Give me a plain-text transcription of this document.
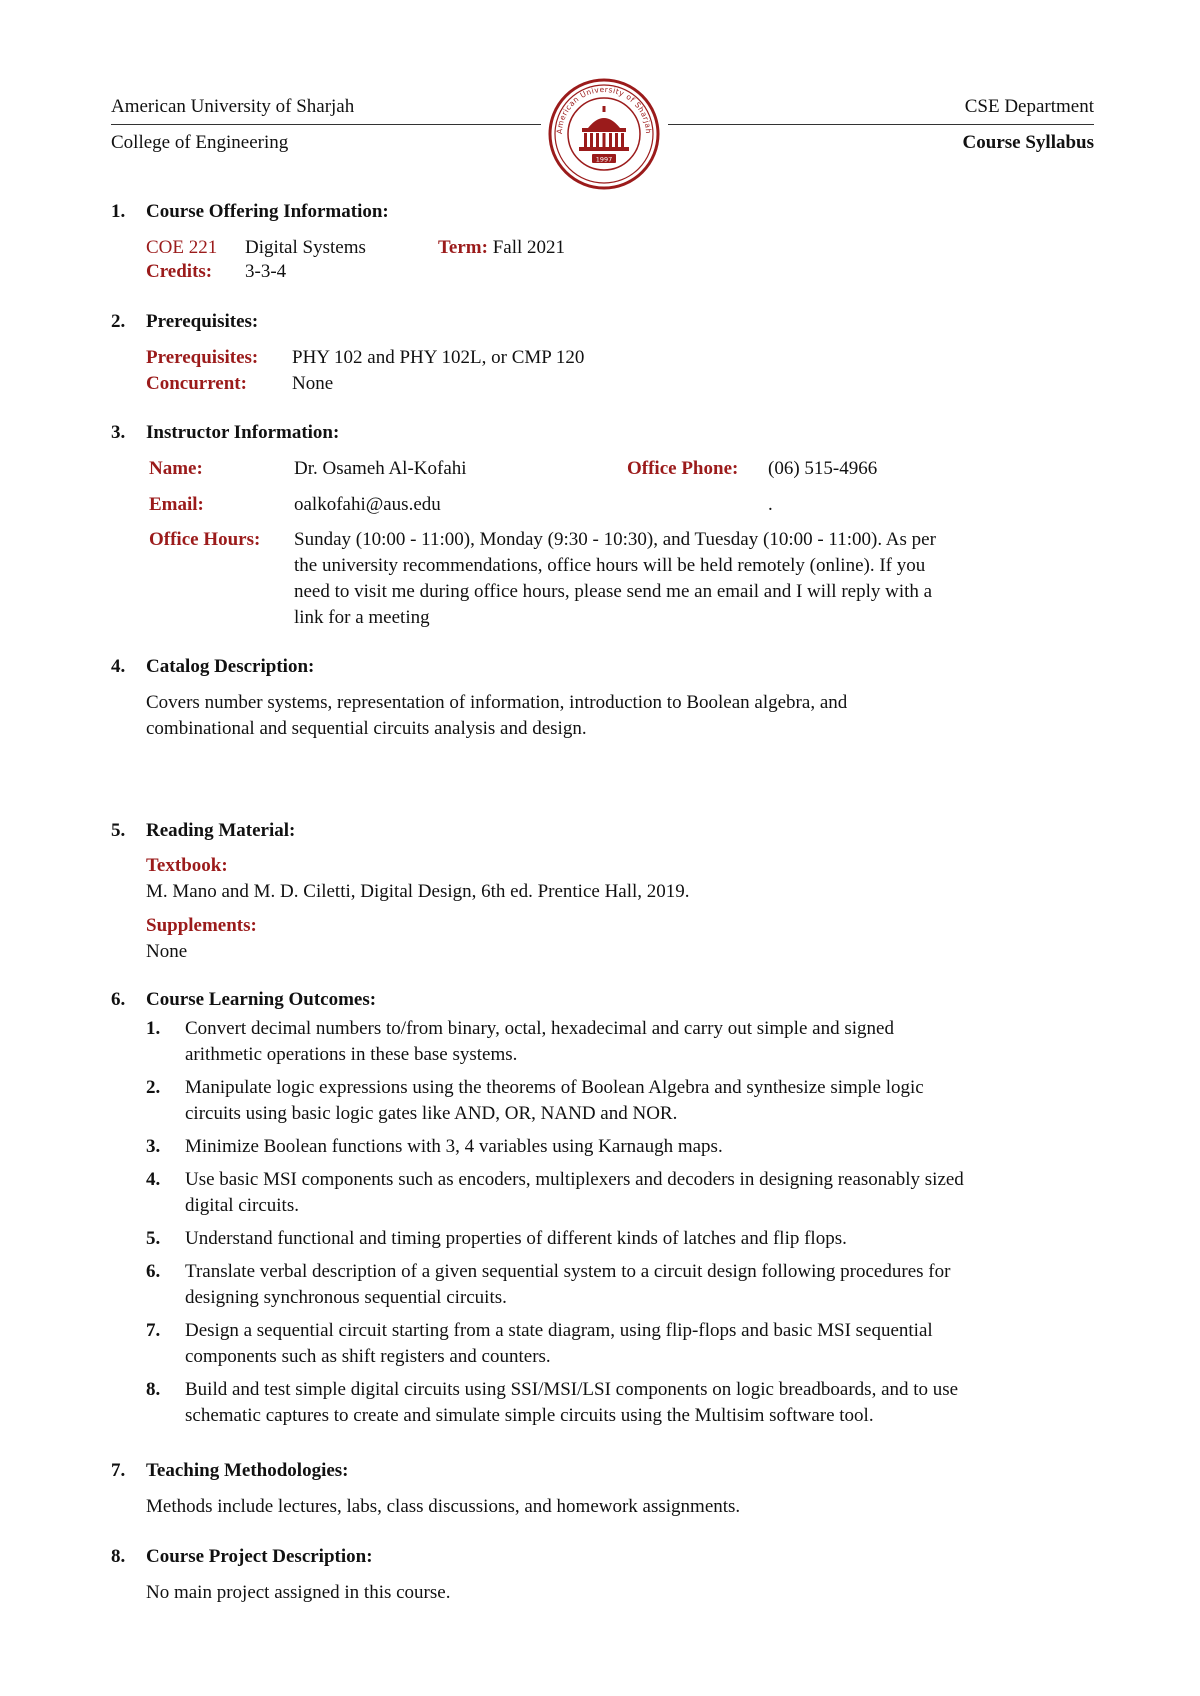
American University of Sharjah	CSE Department
College of Engineering	Course Syllabus
American University of Sharjah
1997
1. Course Offering Information:
COE 221 Digital Systems	Term: Fall 2021
Credits: 3-3-4
2. Prerequisites:
Prerequisites: PHY 102 and PHY 102L, or CMP 120
Concurrent: None
3. Instructor Information:
Name:	Dr. Osameh Al-Kofahi	Office Phone: (06) 515-4966
Email:	oalkofahi@aus.edu	.
Office Hours: Sunday (10:00 - 11:00), Monday (9:30 - 10:30), and Tuesday (10:00 - 11:00). As per
the university recommendations, office hours will be held remotely (online). If you
need to visit me during office hours, please send me an email and I will reply with a
link for a meeting
4. Catalog Description:
Covers number systems, representation of information, introduction to Boolean algebra, and
combinational and sequential circuits analysis and design.
5. Reading Material:
Textbook:
M. Mano and M. D. Ciletti, Digital Design, 6th ed. Prentice Hall, 2019.
Supplements:
None
6. Course Learning Outcomes:
1. Convert decimal numbers to/from binary, octal, hexadecimal and carry out simple and signed
arithmetic operations in these base systems.
2. Manipulate logic expressions using the theorems of Boolean Algebra and synthesize simple logic
circuits using basic logic gates like AND, OR, NAND and NOR.
3. Minimize Boolean functions with 3, 4 variables using Karnaugh maps.
4. Use basic MSI components such as encoders, multiplexers and decoders in designing reasonably sized
digital circuits.
5. Understand functional and timing properties of different kinds of latches and flip flops.
6. Translate verbal description of a given sequential system to a circuit design following procedures for
designing synchronous sequential circuits.
7. Design a sequential circuit starting from a state diagram, using flip-flops and basic MSI sequential
components such as shift registers and counters.
8. Build and test simple digital circuits using SSI/MSI/LSI components on logic breadboards, and to use
schematic captures to create and simulate simple circuits using the Multisim software tool.
7. Teaching Methodologies:
Methods include lectures, labs, class discussions, and homework assignments.
8. Course Project Description:
No main project assigned in this course.
